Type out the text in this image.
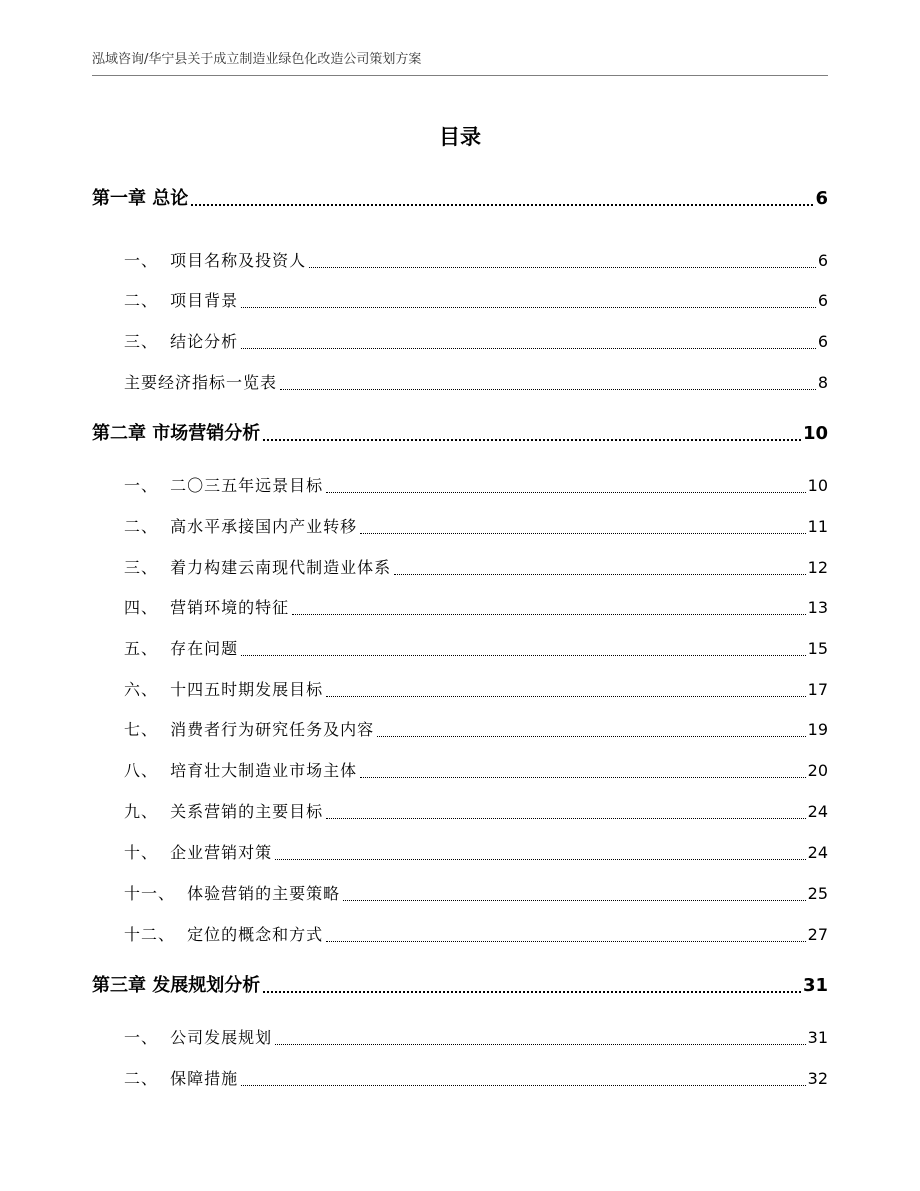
泓域咨询/华宁县关于成立制造业绿色化改造公司策划方案
目录
第一章 总论	6
一、  项目名称及投资人	6
二、  项目背景	6
三、  结论分析	6
主要经济指标一览表	8
第二章 市场营销分析	10
一、  二〇三五年远景目标	10
二、  高水平承接国内产业转移	11
三、  着力构建云南现代制造业体系	12
四、  营销环境的特征	13
五、  存在问题	15
六、  十四五时期发展目标	17
七、  消费者行为研究任务及内容	19
八、  培育壮大制造业市场主体	20
九、  关系营销的主要目标	24
十、  企业营销对策	24
十一、  体验营销的主要策略	25
十二、  定位的概念和方式	27
第三章 发展规划分析	31
一、  公司发展规划	31
二、  保障措施	32
